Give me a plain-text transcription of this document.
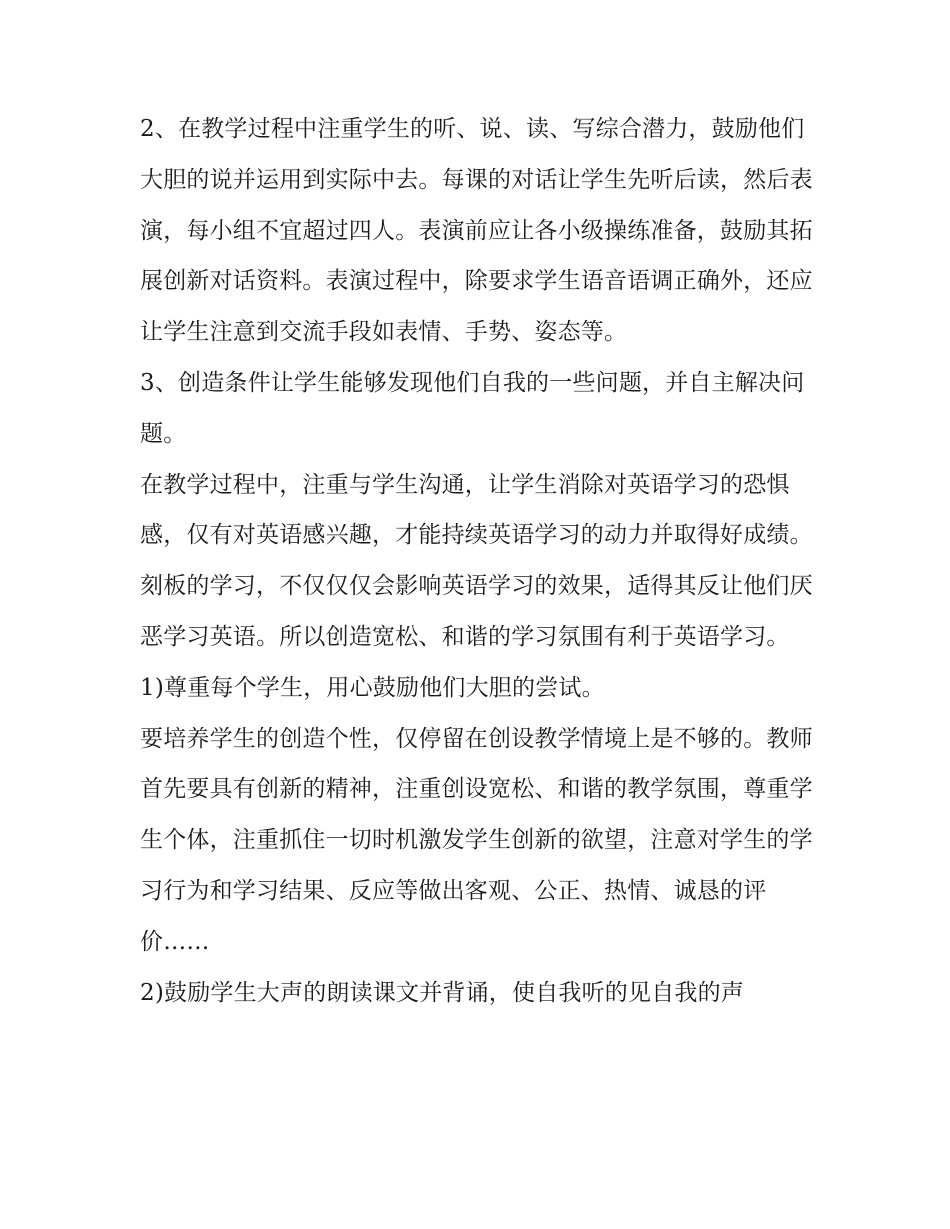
2、在教学过程中注重学生的听、说、读、写综合潜力，鼓励他们大胆的说并运用到实际中去。每课的对话让学生先听后读，然后表演，每小组不宜超过四人。表演前应让各小级操练准备，鼓励其拓展创新对话资料。表演过程中，除要求学生语音语调正确外，还应让学生注意到交流手段如表情、手势、姿态等。

3、创造条件让学生能够发现他们自我的一些问题，并自主解决问题。

在教学过程中，注重与学生沟通，让学生消除对英语学习的恐惧感，仅有对英语感兴趣，才能持续英语学习的动力并取得好成绩。刻板的学习，不仅仅仅会影响英语学习的效果，适得其反让他们厌恶学习英语。所以创造宽松、和谐的学习氛围有利于英语学习。

1)尊重每个学生，用心鼓励他们大胆的尝试。

要培养学生的创造个性，仅停留在创设教学情境上是不够的。教师首先要具有创新的精神，注重创设宽松、和谐的教学氛围，尊重学生个体，注重抓住一切时机激发学生创新的欲望，注意对学生的学习行为和学习结果、反应等做出客观、公正、热情、诚恳的评价……

2)鼓励学生大声的朗读课文并背诵，使自我听的见自我的声
